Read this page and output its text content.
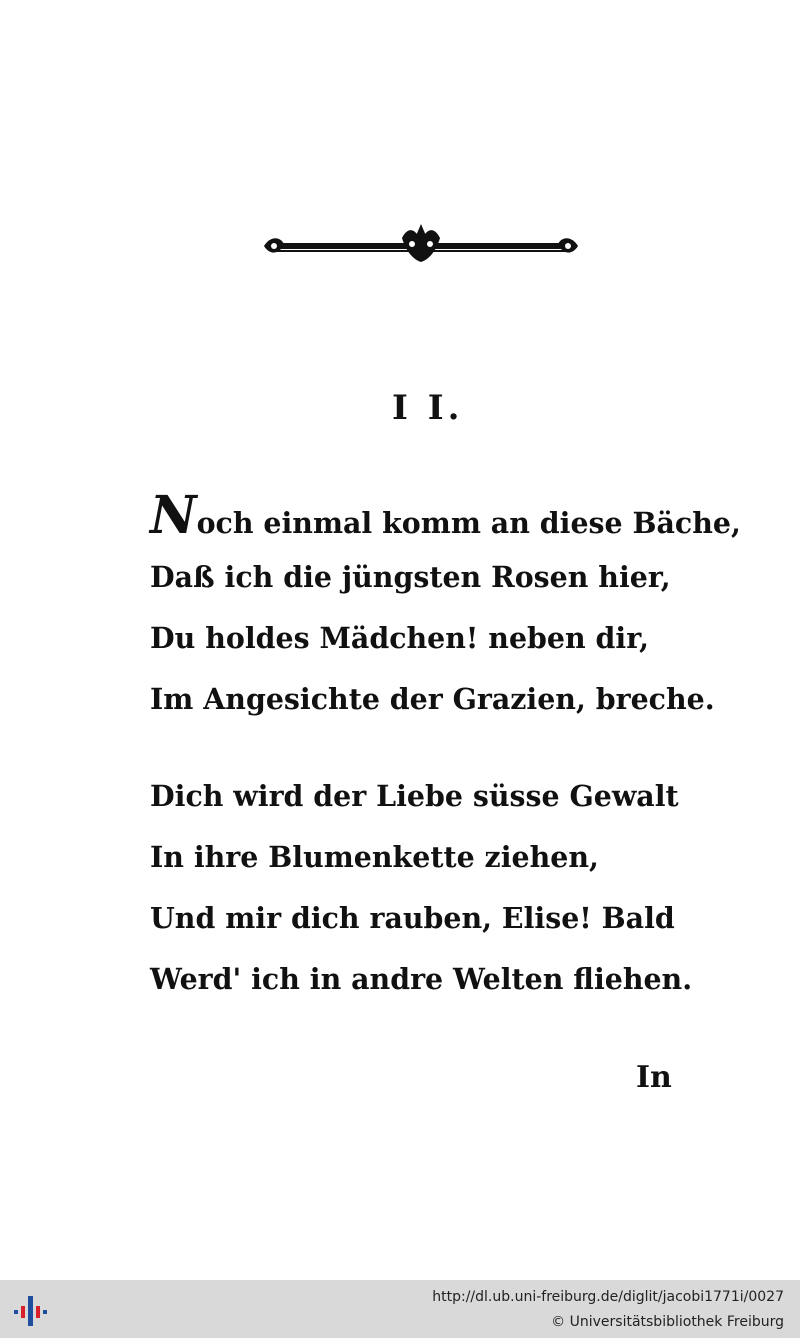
I I.
Noch einmal komm an diese Bäche,
Daß ich die jüngsten Rosen hier,
Du holdes Mädchen! neben dir,
Im Angesichte der Grazien, breche.
Dich wird der Liebe süsse Gewalt
In ihre Blumenkette ziehen,
Und mir dich rauben, Elise! Bald
Werd' ich in andre Welten fliehen.
In
http://dl.ub.uni-freiburg.de/diglit/jacobi1771i/0027
© Universitätsbibliothek Freiburg
